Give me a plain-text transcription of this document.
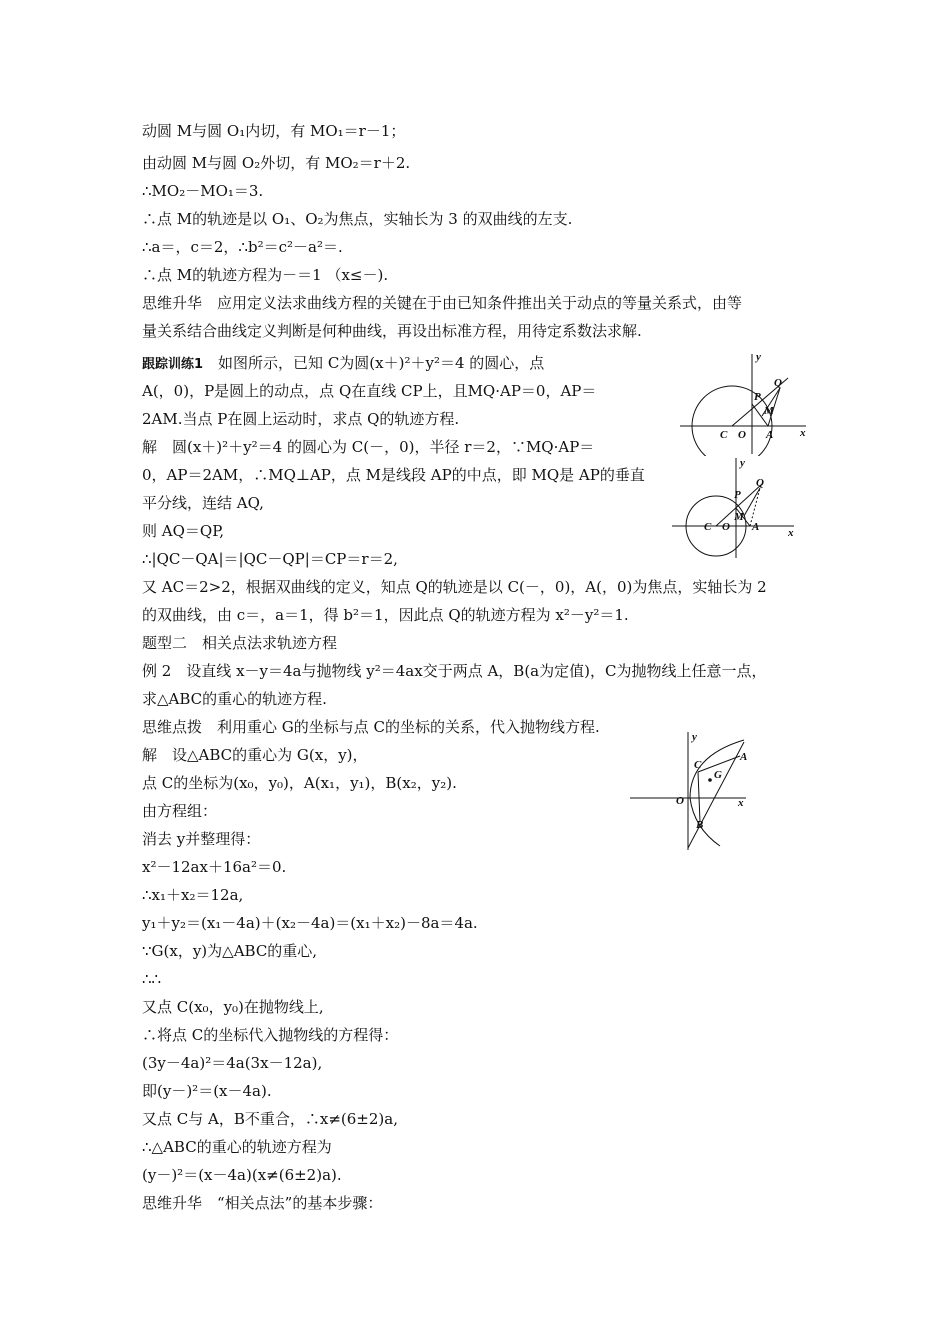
动圆 M与圆 O₁内切，有 MO₁＝r－1；
由动圆 M与圆 O₂外切，有 MO₂＝r＋2.
∴MO₂－MO₁＝3.
∴点 M的轨迹是以 O₁、O₂为焦点，实轴长为 3 的双曲线的左支.
∴a＝，c＝2，∴b²＝c²－a²＝.
∴点 M的轨迹方程为－＝1 （x≤－).
思维升华　应用定义法求曲线方程的关键在于由已知条件推出关于动点的等量关系式，由等
量关系结合曲线定义判断是何种曲线，再设出标准方程，用待定系数法求解.
跟踪训练1　如图所示，已知 C为圆(x＋)²＋y²＝4 的圆心，点
A(，0)，P是圆上的动点，点 Q在直线 CP上，且MQ·AP＝0，AP＝
2AM.当点 P在圆上运动时，求点 Q的轨迹方程.
解　圆(x＋)²＋y²＝4 的圆心为 C(－，0)，半径 r＝2，∵MQ·AP＝
0，AP＝2AM，∴MQ⊥AP，点 M是线段 AP的中点，即 MQ是 AP的垂直
平分线，连结 AQ,
则 AQ＝QP,
∴|QC－QA|＝|QC－QP|＝CP＝r＝2,
又 AC＝2>2，根据双曲线的定义，知点 Q的轨迹是以 C(－，0)，A(，0)为焦点，实轴长为 2
的双曲线，由 c＝，a＝1，得 b²＝1，因此点 Q的轨迹方程为 x²－y²＝1.
题型二　相关点法求轨迹方程
例 2　设直线 x－y＝4a与抛物线 y²＝4ax交于两点 A，B(a为定值)，C为抛物线上任意一点，
求△ABC的重心的轨迹方程.
思维点拨　利用重心 G的坐标与点 C的坐标的关系，代入抛物线方程.
解　设△ABC的重心为 G(x，y)，
点 C的坐标为(x₀，y₀)，A(x₁，y₁)，B(x₂，y₂).
由方程组：
消去 y并整理得：
x²－12ax＋16a²＝0.
∴x₁＋x₂＝12a,
y₁＋y₂＝(x₁－4a)＋(x₂－4a)＝(x₁＋x₂)－8a＝4a.
∵G(x，y)为△ABC的重心,
∴∴
又点 C(x₀，y₀)在抛物线上,
∴将点 C的坐标代入抛物线的方程得：
(3y－4a)²＝4a(3x－12a),
即(y－)²＝(x－4a).
又点 C与 A，B不重合，∴x≠(6±2)a,
∴△ABC的重心的轨迹方程为
(y－)²＝(x－4a)(x≠(6±2)a).
思维升华　“相关点法”的基本步骤：
y
x
P
Q
M
C O A
y
x
P
Q
M
C O A
y
x
C
G
A
O
B
